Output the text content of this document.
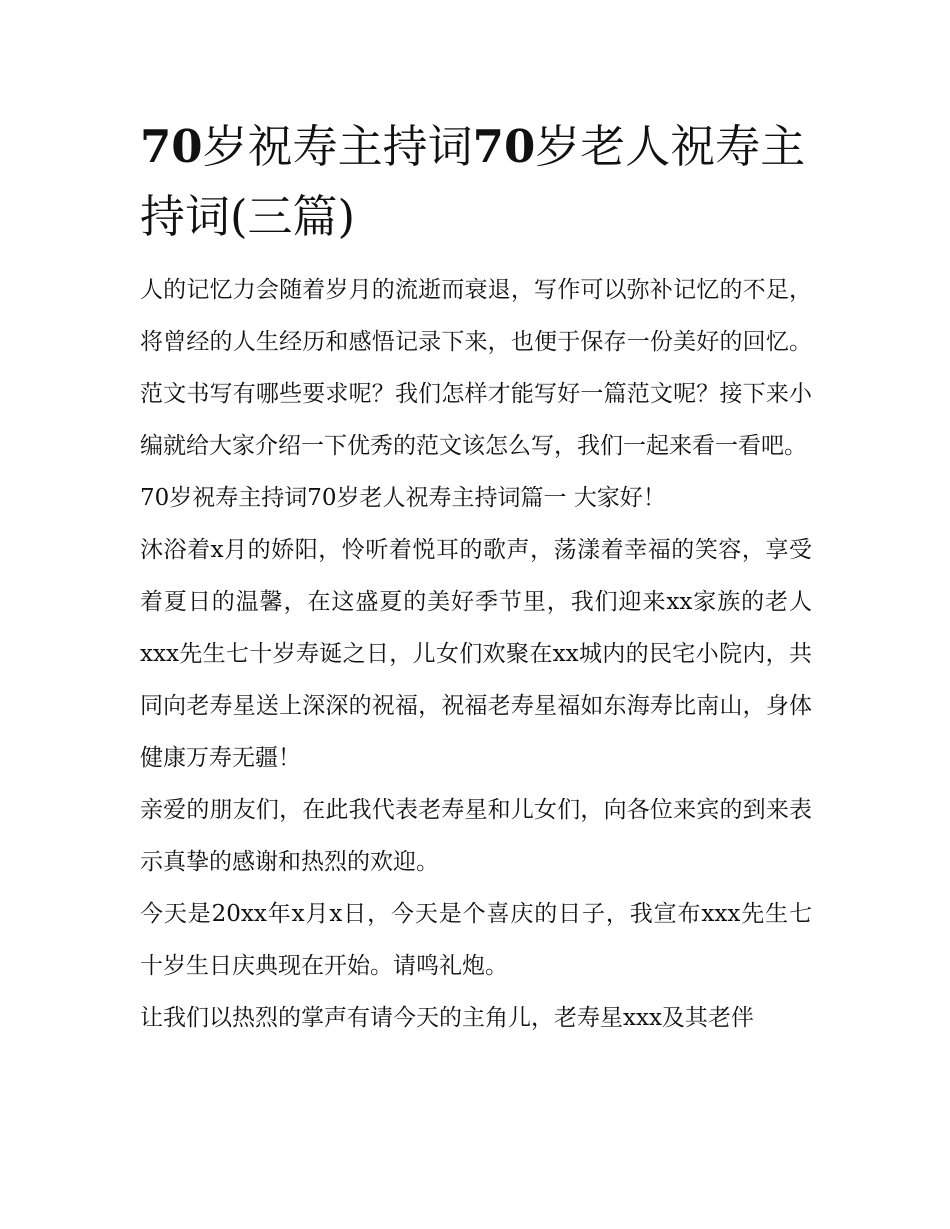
70岁祝寿主持词70岁老人祝寿主持词(三篇)

人的记忆力会随着岁月的流逝而衰退，写作可以弥补记忆的不足，将曾经的人生经历和感悟记录下来，也便于保存一份美好的回忆。范文书写有哪些要求呢？我们怎样才能写好一篇范文呢？接下来小编就给大家介绍一下优秀的范文该怎么写，我们一起来看一看吧。

70岁祝寿主持词70岁老人祝寿主持词篇一 大家好！

沐浴着x月的娇阳，怜听着悦耳的歌声，荡漾着幸福的笑容，享受着夏日的温馨，在这盛夏的美好季节里，我们迎来xx家族的老人xxx先生七十岁寿诞之日，儿女们欢聚在xx城内的民宅小院内，共同向老寿星送上深深的祝福，祝福老寿星福如东海寿比南山，身体健康万寿无疆！

亲爱的朋友们，在此我代表老寿星和儿女们，向各位来宾的到来表示真挚的感谢和热烈的欢迎。

今天是20xx年x月x日，今天是个喜庆的日子，我宣布xxx先生七十岁生日庆典现在开始。请鸣礼炮。

让我们以热烈的掌声有请今天的主角儿，老寿星xxx及其老伴
